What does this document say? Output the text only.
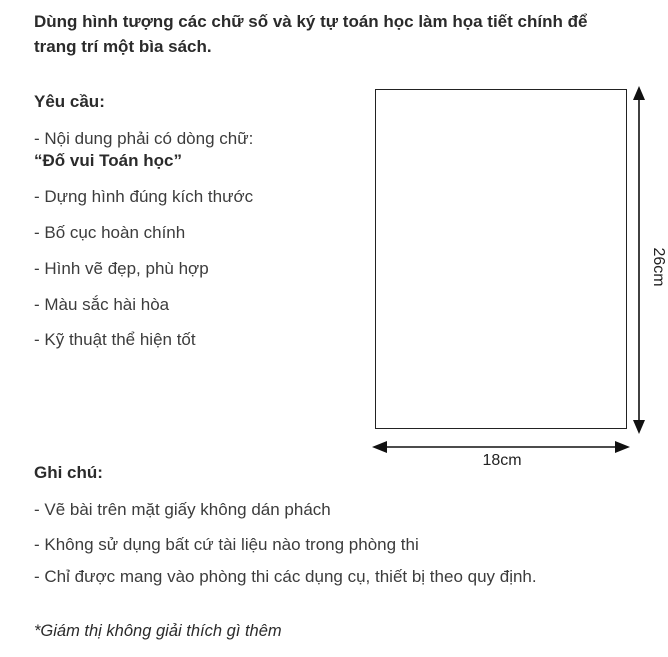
Dùng hình tượng các chữ số và ký tự toán học làm họa tiết chính để trang trí một bìa sách.
Yêu cầu:
- Nội dung phải có dòng chữ:
“Đố vui Toán học”
- Dựng hình đúng kích thước
- Bố cục hoàn chính
- Hình vẽ đẹp, phù hợp
- Màu sắc hài hòa
- Kỹ thuật thể hiện tốt
26cm
18cm
Ghi chú:
- Vẽ bài trên mặt giấy không dán phách
- Không sử dụng bất cứ tài liệu nào trong phòng thi
- Chỉ được mang vào phòng thi các dụng cụ, thiết bị theo quy định.
*Giám thị không giải thích gì thêm
